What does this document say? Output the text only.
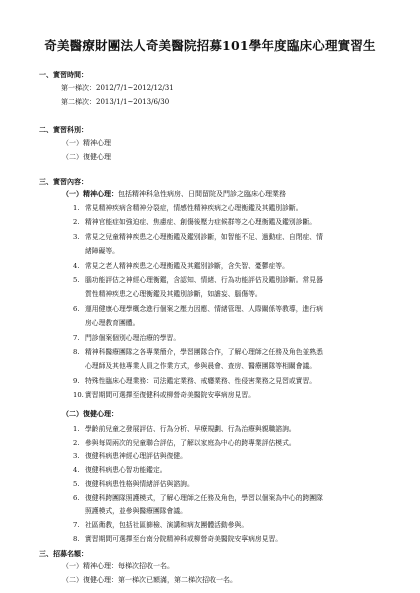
奇美醫療財團法人奇美醫院招募101學年度臨床心理實習生
一、實習時間：
第一梯次：2012/7/1~2012/12/31
第二梯次：2013/1/1~2013/6/30
二、實習科別：
（一）精神心理
（二）復健心理
三、實習內容：
（一）精神心理：包括精神科急性病房、日間留院及門診之臨床心理業務
1. 常見精神疾病含精神分裂症，情感性精神疾病之心理衡鑑及其鑑別診斷。
2. 精神官能症如強迫症、焦慮症、創傷後壓力症候群等之心理衡鑑及鑑別診斷。
3. 常見之兒童精神疾患之心理衡鑑及鑑別診斷，如智能不足、過動症、自閉症、情
緒障礙等。
4. 常見之老人精神疾患之心理衡鑑及其鑑別診斷，含失智、憂鬱症等。
5. 腦功能評估之神經心理衡鑑，含認知、情緒、行為功能評估及鑑別診斷。常見器
質性精神疾患之心理衡鑑及其鑑別診斷，如譫妄、腦傷等。
6. 運用健康心理學概念進行個案之壓力因應、情緒管理、人際關係等教導，進行病
房心理教育團體。
7. 門診個案個別心理治療的學習。
8. 精神科醫療團隊之各專業簡介，學習團隊合作，了解心理師之任務及角色並熟悉
心理師及其他專業人員之作業方式，參與晨會、查房、醫療團隊等相關會議。
9. 特殊性臨床心理業務：司法鑑定業務、戒癮業務、性侵害業務之見習或實習。
10. 實習期間可選擇至復健科或柳營奇美醫院安寧病房見習。
（二）復健心理：
1. 學齡前兒童之發展評估、行為分析、早療規劃、行為治療與親職諮詢。
2. 參與每周兩次的兒童聯合評估，了解以家庭為中心的跨專業評估模式。
3. 復健科病患神經心理評估與復健。
4. 復健科病患心智功能鑑定。
5. 復健科病患性格與情緒評估與諮詢。
6. 復健科跨團隊照護模式，了解心理師之任務及角色，學習以個案為中心的跨團隊
照護模式，並參與醫療團隊會議。
7. 社區衛教，包括社區篩檢、演講和病友團體活動參與。
8. 實習期間可選擇至台南分院精神科或柳營奇美醫院安寧病房見習。
三、招募名額：
（一）精神心理：每梯次招收一名。
（二）復健心理：第一梯次已額滿，第二梯次招收一名。
